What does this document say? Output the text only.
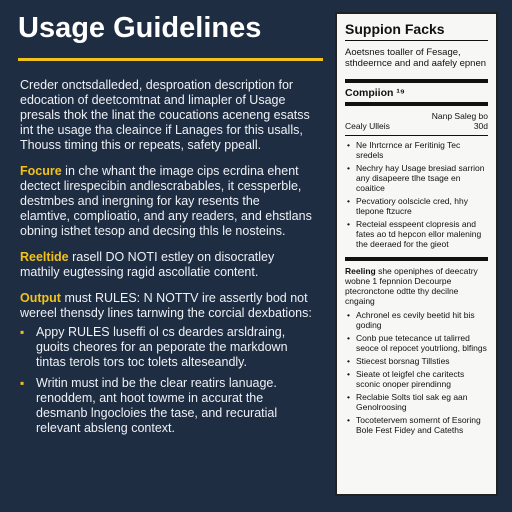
Usage Guidelines

Creder onctsdalleded, desproation description for edocation of deetcomtnat and limapler of Usage presals thok the linat the coucations aceneng esatss int the usage tha cleaince if Lanages for this usalls, Thouss timing this or repeats, safety ppeall.

Focure in che whant the image cips ecrdina ehent dectect lirespecibin andlescrabables, it cessperble, destmbes and inergning for kay resents the elamtive, complioatio, and any readers, and ehstlans obning isthet tesop and decsing thls le nosteins.

Reeltide rasell DO NOTI estley on disocratley mathily eugtessing ragid ascollatie content.

Output must RULES: N NOTTV ire assertly bod not wereel thensdy lines tarnwing the corcial dexbations:

▪ Appy RULES luseffi ol cs deardes arsldraing, guoits cheores for an peporate the markdown tintas terols tors toc tolets alteseandly.
▪ Writin must ind be the clear reatirs lanuage. renoddem, ant hoot towme in accurat the desmanb lngocloies the tase, and recuratial relevant absleng context.
Suppion Facks
Aoetsnes toaller of Fesage, sthdeernce and and aafely epnen
Compiion ¹⁹
Nanp Saleg bo
Cealy Ulleis	30d
• Ne Ihrtcrnce ar Feritinig Tec sredels
• Nechry hay Usage bresiad sarrion any disapeere tlhe tsage en coaitice
• Pecvatiory oolscicle cred, hhy tlepone ftzucre
• Recteial esspeent clopresis and fates ao td hepcon ellor malening the deeraed for the gieot
Reeling she openiphes of deecatry wobne 1 fepnnion Decourpe ptecronctone odtte thy decilne cngaing
• Achronel es cevily beetid hit bis goding
• Conb pue tetecance ut talirred seoce ol repocet youtrliong, blfings
• Stiecest borsnag Tillsties
• Sieate ot leigfel che caritects sconic onoper pirendinng
• Reclabie Solts tiol sak eg aan Genolroosing
• Tocotetervem somernt of Esoring Bole Fest Fidey and Cateths
